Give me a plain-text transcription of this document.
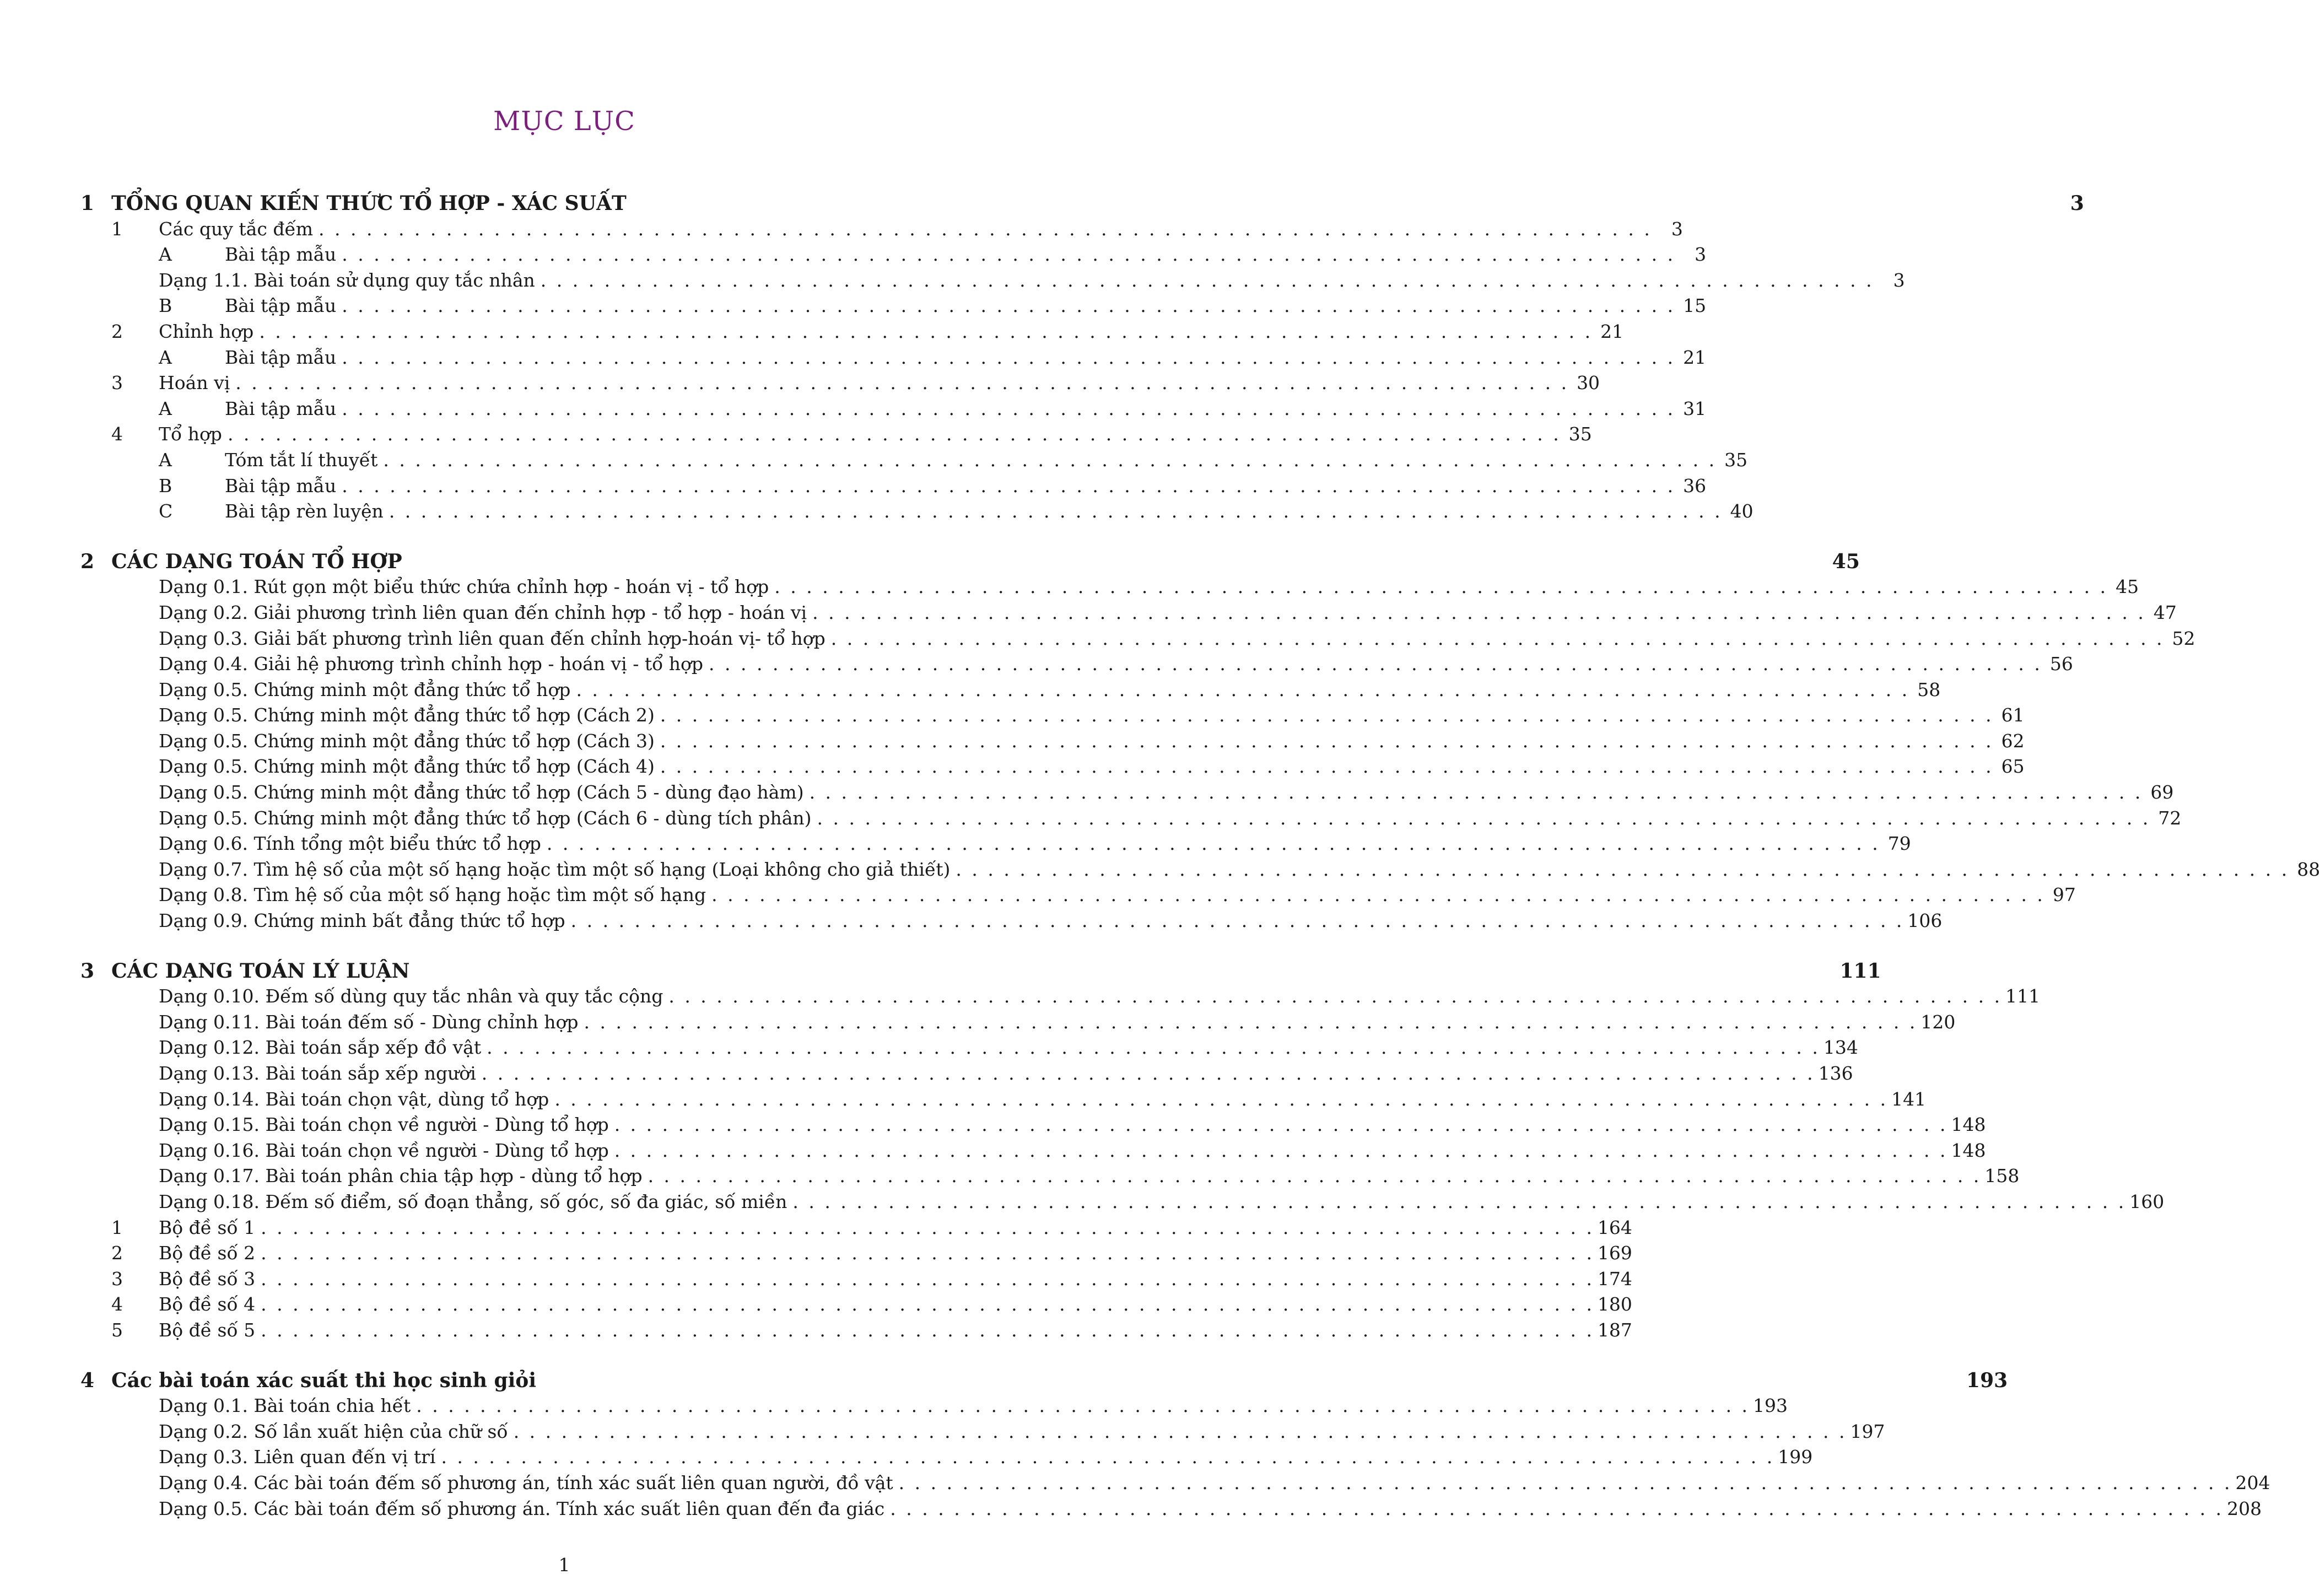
MỤC LỤC
1 TỔNG QUAN KIẾN THỨC TỔ HỢP - XÁC SUẤT	3
1	Các quy tắc đếm . . .	3
A	Bài tập mẫu . . .	3
Dạng 1.1. Bài toán sử dụng quy tắc nhân . . .	3
B	Bài tập mẫu . . .	15
2	Chỉnh hợp . . .	21
A	Bài tập mẫu . . .	21
3	Hoán vị . . .	30
A	Bài tập mẫu . . .	31
4	Tổ hợp . . .	35
A	Tóm tắt lí thuyết . . .	35
B	Bài tập mẫu . . .	36
C	Bài tập rèn luyện . . .	40
2 CÁC DẠNG TOÁN TỔ HỢP	45
Dạng 0.1. Rút gọn một biểu thức chứa chỉnh hợp - hoán vị - tổ hợp . . .	45
Dạng 0.2. Giải phương trình liên quan đến chỉnh hợp - tổ hợp - hoán vị . . .	47
Dạng 0.3. Giải bất phương trình liên quan đến chỉnh hợp-hoán vị- tổ hợp . . .	52
Dạng 0.4. Giải hệ phương trình chỉnh hợp - hoán vị - tổ hợp . . .	56
Dạng 0.5. Chứng minh một đẳng thức tổ hợp . . .	58
Dạng 0.5. Chứng minh một đẳng thức tổ hợp (Cách 2) . . .	61
Dạng 0.5. Chứng minh một đẳng thức tổ hợp (Cách 3) . . .	62
Dạng 0.5. Chứng minh một đẳng thức tổ hợp (Cách 4) . . .	65
Dạng 0.5. Chứng minh một đẳng thức tổ hợp (Cách 5 - dùng đạo hàm) . . .	69
Dạng 0.5. Chứng minh một đẳng thức tổ hợp (Cách 6 - dùng tích phân) . . .	72
Dạng 0.6. Tính tổng một biểu thức tổ hợp . . .	79
Dạng 0.7. Tìm hệ số của một số hạng hoặc tìm một số hạng (Loại không cho giả thiết) . . .	88
Dạng 0.8. Tìm hệ số của một số hạng hoặc tìm một số hạng . . .	97
Dạng 0.9. Chứng minh bất đẳng thức tổ hợp . . .	106
3 CÁC DẠNG TOÁN LÝ LUẬN	111
Dạng 0.10. Đếm số dùng quy tắc nhân và quy tắc cộng . . .	111
Dạng 0.11. Bài toán đếm số - Dùng chỉnh hợp . . .	120
Dạng 0.12. Bài toán sắp xếp đồ vật . . .	134
Dạng 0.13. Bài toán sắp xếp người . . .	136
Dạng 0.14. Bài toán chọn vật, dùng tổ hợp . . .	141
Dạng 0.15. Bài toán chọn về người - Dùng tổ hợp . . .	148
Dạng 0.16. Bài toán chọn về người - Dùng tổ hợp . . .	148
Dạng 0.17. Bài toán phân chia tập hợp - dùng tổ hợp . . .	158
Dạng 0.18. Đếm số điểm, số đoạn thẳng, số góc, số đa giác, số miền . . .	160
1	Bộ đề số 1 . . .	164
2	Bộ đề số 2 . . .	169
3	Bộ đề số 3 . . .	174
4	Bộ đề số 4 . . .	180
5	Bộ đề số 5 . . .	187
4 Các bài toán xác suất thi học sinh giỏi	193
Dạng 0.1. Bài toán chia hết . . .	193
Dạng 0.2. Số lần xuất hiện của chữ số . . .	197
Dạng 0.3. Liên quan đến vị trí . . .	199
Dạng 0.4. Các bài toán đếm số phương án, tính xác suất liên quan người, đồ vật . . .	204
Dạng 0.5. Các bài toán đếm số phương án. Tính xác suất liên quan đến đa giác . . .	208
1
